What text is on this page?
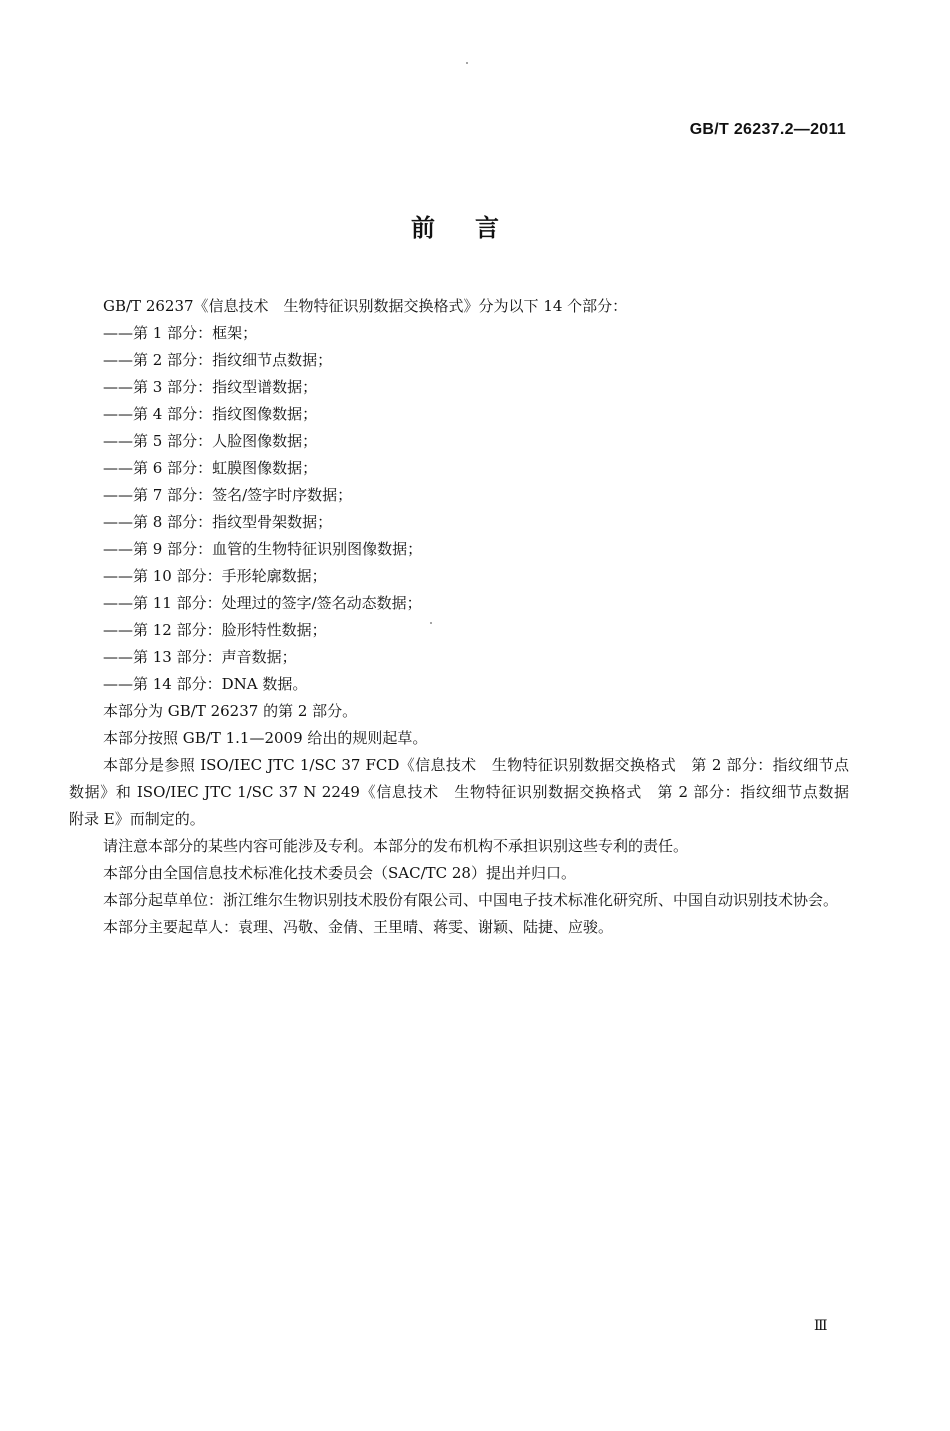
GB/T 26237.2—2011
前言

GB/T 26237《信息技术　生物特征识别数据交换格式》分为以下 14 个部分：

——第 1 部分：框架；

——第 2 部分：指纹细节点数据；

——第 3 部分：指纹型谱数据；

——第 4 部分：指纹图像数据；

——第 5 部分：人脸图像数据；

——第 6 部分：虹膜图像数据；

——第 7 部分：签名/签字时序数据；

——第 8 部分：指纹型骨架数据；

——第 9 部分：血管的生物特征识别图像数据；

——第 10 部分：手形轮廓数据；

——第 11 部分：处理过的签字/签名动态数据；

——第 12 部分：脸形特性数据；

——第 13 部分：声音数据；

——第 14 部分：DNA 数据。

本部分为 GB/T 26237 的第 2 部分。

本部分按照 GB/T 1.1—2009 给出的规则起草。

本部分是参照 ISO/IEC JTC 1/SC 37 FCD《信息技术　生物特征识别数据交换格式　第 2 部分：指纹细节点数据》和 ISO/IEC JTC 1/SC 37 N 2249《信息技术　生物特征识别数据交换格式　第 2 部分：指纹细节点数据　附录 E》而制定的。

请注意本部分的某些内容可能涉及专利。本部分的发布机构不承担识别这些专利的责任。

本部分由全国信息技术标准化技术委员会（SAC/TC 28）提出并归口。

本部分起草单位：浙江维尔生物识别技术股份有限公司、中国电子技术标准化研究所、中国自动识别技术协会。

本部分主要起草人：袁理、冯敬、金倩、王里晴、蒋雯、谢颖、陆捷、应骏。

Ⅲ
